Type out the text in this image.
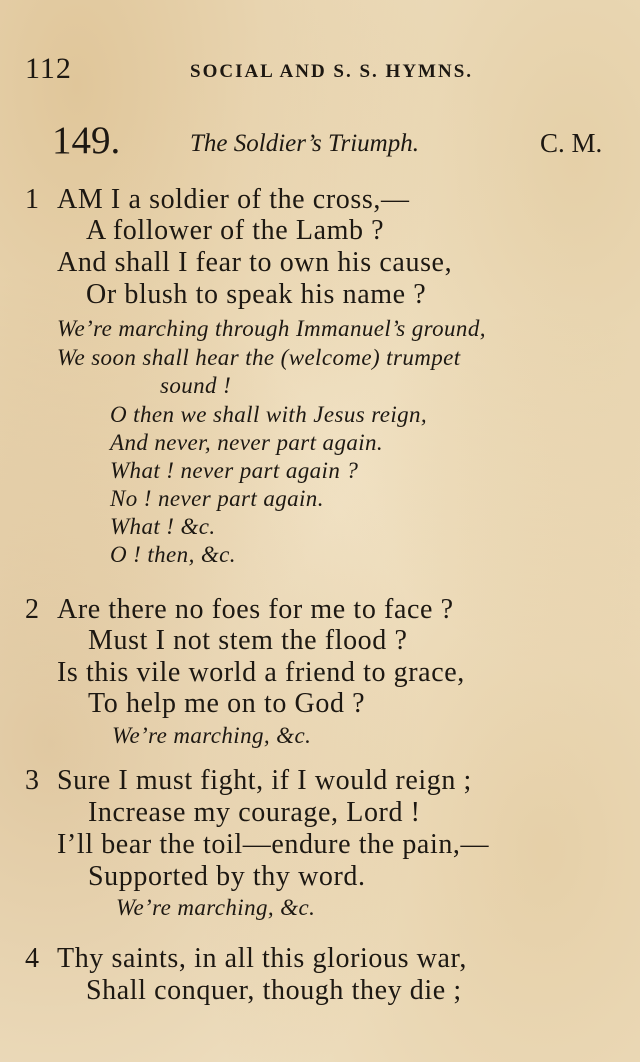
112	SOCIAL AND S. S. HYMNS.
149.	The Soldier’s Triumph.	C. M.
1 AM I a soldier of the cross,—
A follower of the Lamb ?
And shall I fear to own his cause,
Or blush to speak his name ?
We’re marching through Immanuel’s ground,
We soon shall hear the (welcome) trumpet
sound !
O then we shall with Jesus reign,
And never, never part again.
What ! never part again ?
No ! never part again.
What ! &c.
O ! then, &c.
2 Are there no foes for me to face ?
Must I not stem the flood ?
Is this vile world a friend to grace,
To help me on to God ?
We’re marching, &c.
3 Sure I must fight, if I would reign ;
Increase my courage, Lord !
I’ll bear the toil—endure the pain,—
Supported by thy word.
We’re marching, &c.
4 Thy saints, in all this glorious war,
Shall conquer, though they die ;
